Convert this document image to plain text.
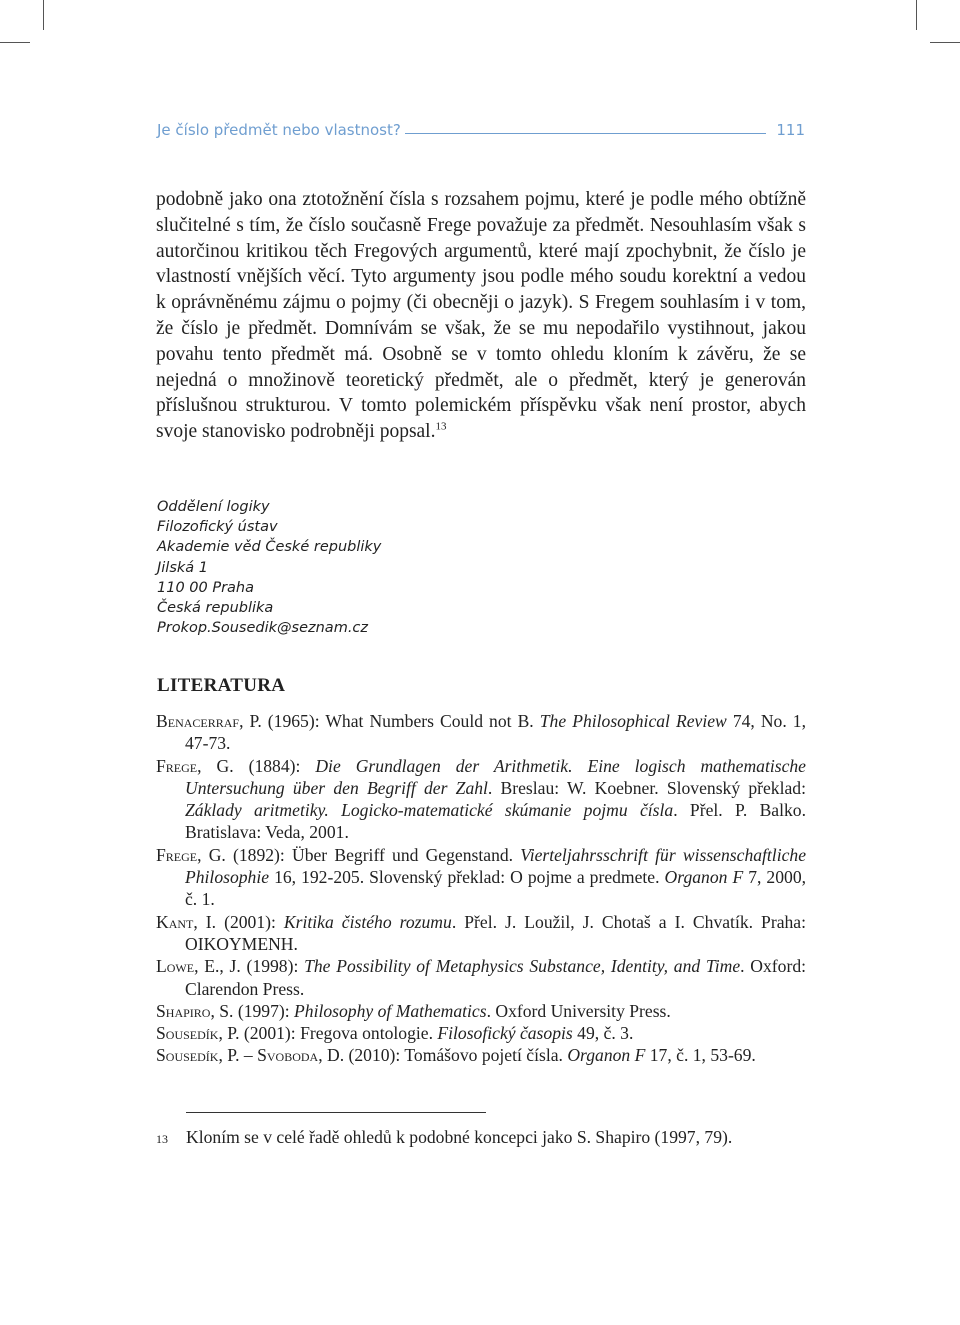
Je číslo předmět nebo vlastnost?	111
podobně jako ona ztotožnění čísla s rozsahem pojmu, které je podle mého obtížně slučitelné s tím, že číslo současně Frege považuje za předmět. Nesouhlasím však s autorčinou kritikou těch Fregových argumentů, které mají zpochybnit, že číslo je vlastností vnějších věcí. Tyto argumenty jsou podle mého soudu korektní a vedou k oprávněnému zájmu o pojmy (či obecněji o jazyk). S Fregem souhlasím i v tom, že číslo je předmět. Domnívám se však, že se mu nepodařilo vystihnout, jakou povahu tento předmět má. Osobně se v tomto ohledu kloním k závěru, že se nejedná o množinově teoretický předmět, ale o předmět, který je generován příslušnou strukturou. V tomto polemickém příspěvku však není prostor, abych svoje stanovisko podrobněji popsal.$^{13}$
Oddělení logiky
Filozofický ústav
Akademie věd České republiky
Jilská 1
110 00 Praha
Česká republika
Prokop.Sousedik@seznam.cz
LITERATURA
Benacerraf, P. (1965): What Numbers Could not B. The Philosophical Review 74, No. 1, 47-73.
Frege, G. (1884): Die Grundlagen der Arithmetik. Eine logisch mathematische Untersuchung über den Begriff der Zahl. Breslau: W. Koebner. Slovenský překlad: Základy aritmetiky. Logicko-matematické skúmanie pojmu čísla. Přel. P. Balko. Bratislava: Veda, 2001.
Frege, G. (1892): Über Begriff und Gegenstand. Vierteljahrsschrift für wissenschaftliche Philosophie 16, 192-205. Slovenský překlad: O pojme a predmete. Organon F 7, 2000, č. 1.
Kant, I. (2001): Kritika čistého rozumu. Přel. J. Loužil, J. Chotaš a I. Chvatík. Praha: OIKOYMENH.
Lowe, E., J. (1998): The Possibility of Metaphysics Substance, Identity, and Time. Oxford: Clarendon Press.
Shapiro, S. (1997): Philosophy of Mathematics. Oxford University Press.
Sousedík, P. (2001): Fregova ontologie. Filosofický časopis 49, č. 3.
Sousedík, P. – Svoboda, D. (2010): Tomášovo pojetí čísla. Organon F 17, č. 1, 53-69.
13 Kloním se v celé řadě ohledů k podobné koncepci jako S. Shapiro (1997, 79).
